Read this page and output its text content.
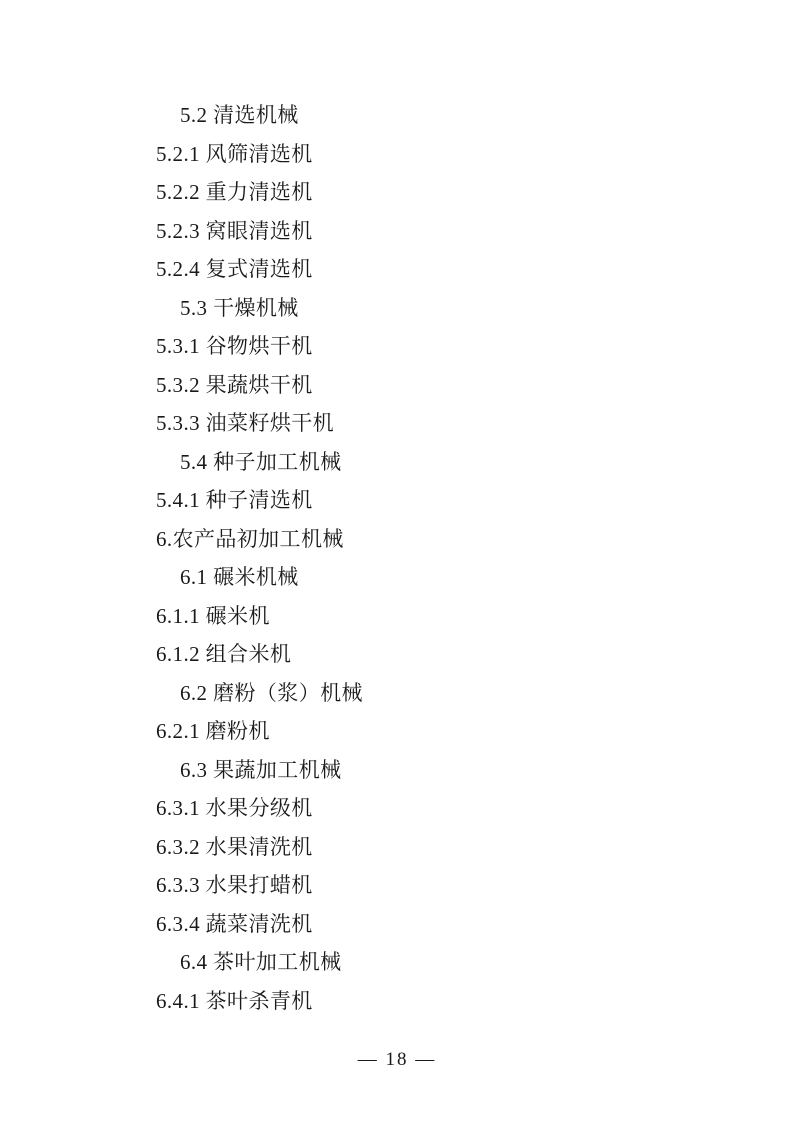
5.2 清选机械
5.2.1 风筛清选机
5.2.2 重力清选机
5.2.3 窝眼清选机
5.2.4 复式清选机
5.3 干燥机械
5.3.1 谷物烘干机
5.3.2 果蔬烘干机
5.3.3 油菜籽烘干机
5.4 种子加工机械
5.4.1 种子清选机
6.农产品初加工机械
6.1 碾米机械
6.1.1 碾米机
6.1.2 组合米机
6.2 磨粉（浆）机械
6.2.1 磨粉机
6.3 果蔬加工机械
6.3.1 水果分级机
6.3.2 水果清洗机
6.3.3 水果打蜡机
6.3.4 蔬菜清洗机
6.4 茶叶加工机械
6.4.1 茶叶杀青机
— 18 —
